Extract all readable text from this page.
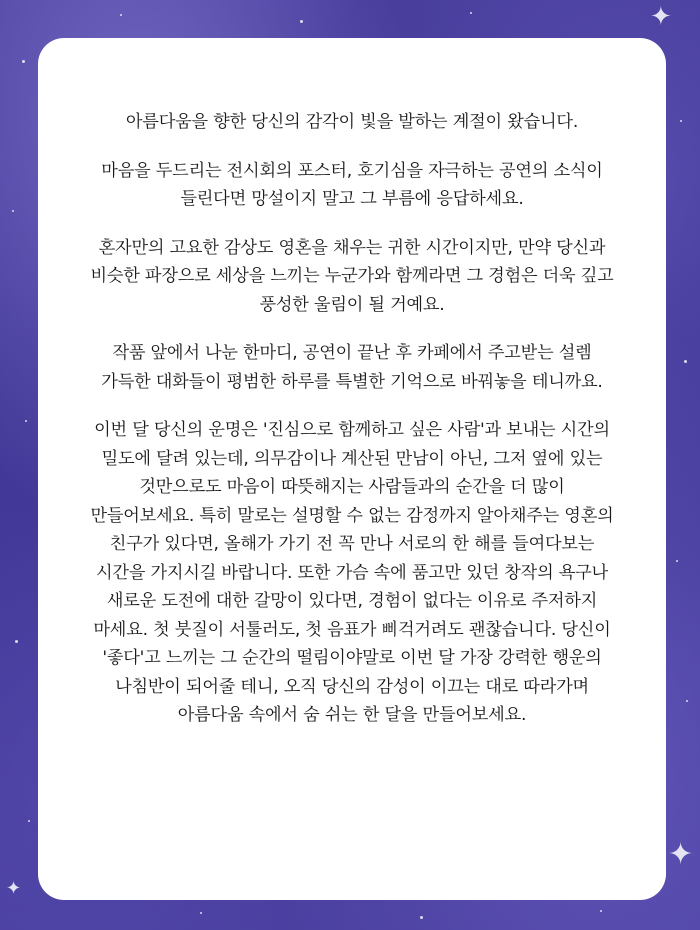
✦
✦
✦

아름다움을 향한 당신의 감각이 빛을 발하는 계절이 왔습니다.

마음을 두드리는 전시회의 포스터, 호기심을 자극하는 공연의 소식이
들린다면 망설이지 말고 그 부름에 응답하세요.

혼자만의 고요한 감상도 영혼을 채우는 귀한 시간이지만, 만약 당신과
비슷한 파장으로 세상을 느끼는 누군가와 함께라면 그 경험은 더욱 깊고
풍성한 울림이 될 거예요.

작품 앞에서 나눈 한마디, 공연이 끝난 후 카페에서 주고받는 설렘
가득한 대화들이 평범한 하루를 특별한 기억으로 바꿔놓을 테니까요.

이번 달 당신의 운명은 '진심으로 함께하고 싶은 사람'과 보내는 시간의
밀도에 달려 있는데, 의무감이나 계산된 만남이 아닌, 그저 옆에 있는
것만으로도 마음이 따뜻해지는 사람들과의 순간을 더 많이
만들어보세요. 특히 말로는 설명할 수 없는 감정까지 알아채주는 영혼의
친구가 있다면, 올해가 가기 전 꼭 만나 서로의 한 해를 들여다보는
시간을 가지시길 바랍니다. 또한 가슴 속에 품고만 있던 창작의 욕구나
새로운 도전에 대한 갈망이 있다면, 경험이 없다는 이유로 주저하지
마세요. 첫 붓질이 서툴러도, 첫 음표가 삐걱거려도 괜찮습니다. 당신이
'좋다'고 느끼는 그 순간의 떨림이야말로 이번 달 가장 강력한 행운의
나침반이 되어줄 테니, 오직 당신의 감성이 이끄는 대로 따라가며
아름다움 속에서 숨 쉬는 한 달을 만들어보세요.
